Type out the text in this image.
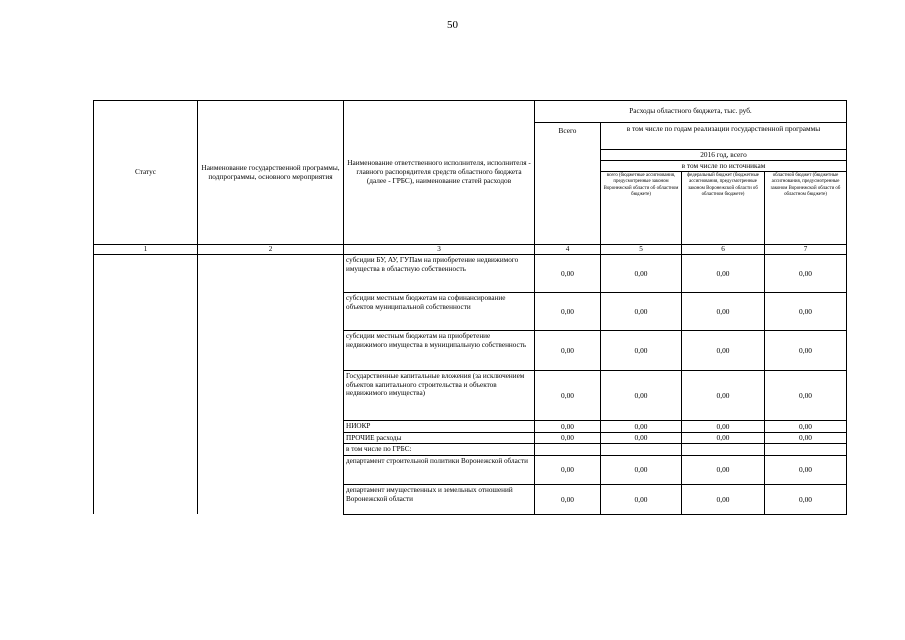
50
Статус	Наименование государственной программы, подпрограммы, основного мероприятия	Наименование ответственного исполнителя, исполнителя - главного распорядителя средств областного бюджета (далее - ГРБС), наименование статей расходов	Расходы областного бюджета, тыс. руб.			
			Всего	в том числе по годам реализации государственной программы		
				2016 год, всего		
				в том числе по источникам		
				всего (бюджетные ассигнования, предусмотренные законом Воронежской области об областном бюджете)	федеральный бюджет (бюджетные ассигнования, предусмотренные законом Воронежской области об областном бюджете)	областной бюджет (бюджетные ассигнования, предусмотренные законом Воронежской области об областном бюджете)
1	2	3	4	5	6	7
		субсидии БУ, АУ, ГУПам на приобретение недвижимого имущества в областную собственность	0,00	0,00	0,00	0,00
		субсидии местным бюджетам на софинансирование объектов муниципальной собственности	0,00	0,00	0,00	0,00
		субсидии местным бюджетам на приобретение недвижимого имущества в муниципальную собственность	0,00	0,00	0,00	0,00
		Государственные капитальные вложения (за исключением объектов капитального строительства и объектов недвижимого имущества)	0,00	0,00	0,00	0,00
		НИОКР	0,00	0,00	0,00	0,00
		ПРОЧИЕ расходы	0,00	0,00	0,00	0,00
		в том числе по ГРБС:				
		департамент строительной политики Воронежской области	0,00	0,00	0,00	0,00
		департамент имущественных и земельных отношений Воронежской области	0,00	0,00	0,00	0,00
